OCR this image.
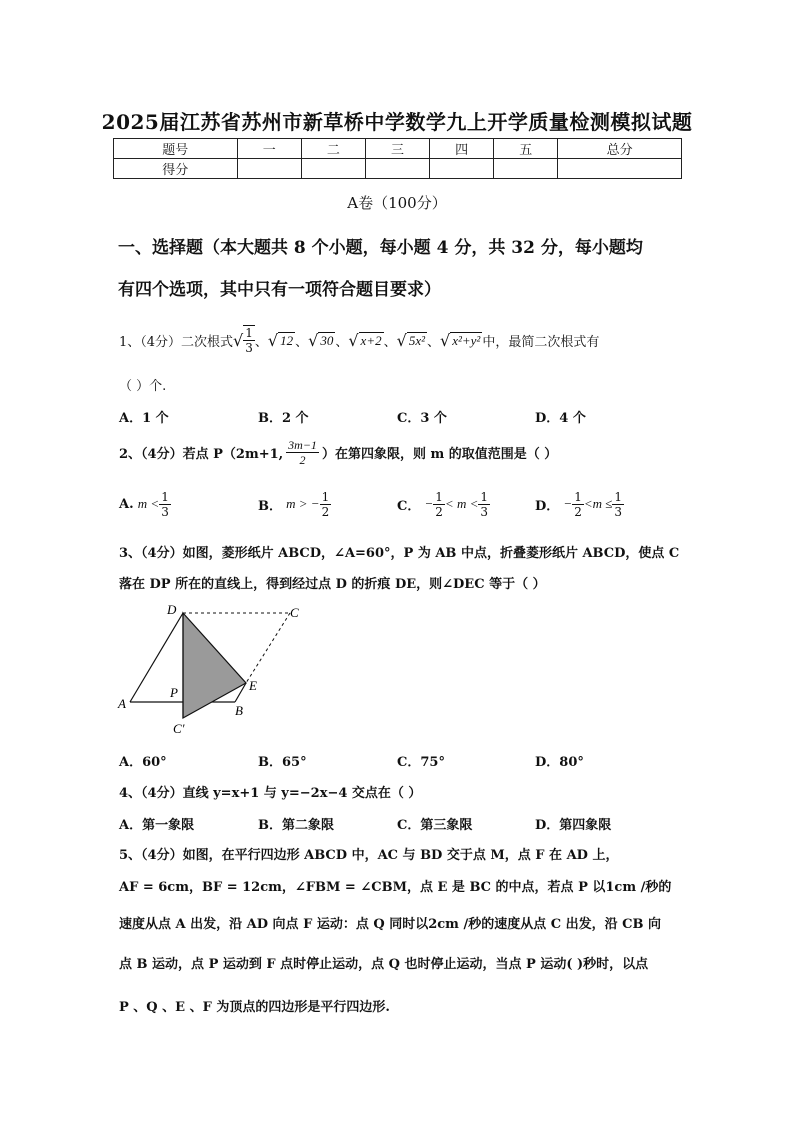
2025届江苏省苏州市新草桥中学数学九上开学质量检测模拟试题
题号	一	二	三	四	五	总分
得分						
A卷（100分）
一、选择题（本大题共 8 个小题，每小题 4 分，共 32 分，每小题均
有四个选项，其中只有一项符合题目要求）
1、（4分）二次根式 √ $\frac{1}{3}$ 、 √ 12 、 √ 30 、 √ x+2 、 √ 5x² 、 √ x²+y² 中，最简二次根式有
（ ）个.
A．1 个	B．2 个	C．3 个	D．4 个
2、（4分）若点 P（2m+1, $\frac{3m-1}{2}$ ）在第四象限，则 m 的取值范围是（ ）
A.
$m < \frac{1}{3}$	B．
m > − $\frac{1}{2}$	C．
− $\frac{1}{2} < m < \frac{1}{3}$	D．
− $\frac{1}{2} <m \le \frac{1}{3}$
3、（4分）如图，菱形纸片 ABCD，∠A=60°，P 为 AB 中点，折叠菱形纸片 ABCD，使点 C
落在 DP 所在的直线上，得到经过点 D 的折痕 DE，则∠DEC 等于（ ）
D	C
P	E
A	B
C′
A．60°	B．65°	C．75°	D．80°
4、（4分）直线 y=x+1 与 y=−2x−4 交点在（ ）
A．第一象限	B．第二象限	C．第三象限	D．第四象限
5、（4分）如图，在平行四边形 ABCD 中，AC 与 BD 交于点 M，点 F 在 AD 上，
AF = 6cm，BF = 12cm，∠FBM = ∠CBM，点 E 是 BC 的中点，若点 P 以1cm /秒的
速度从点 A 出发，沿 AD 向点 F 运动：点 Q 同时以2cm /秒的速度从点 C 出发，沿 CB 向
点 B 运动，点 P 运动到 F 点时停止运动，点 Q 也时停止运动，当点 P 运动( )秒时，以点
P 、Q 、E 、F 为顶点的四边形是平行四边形.
